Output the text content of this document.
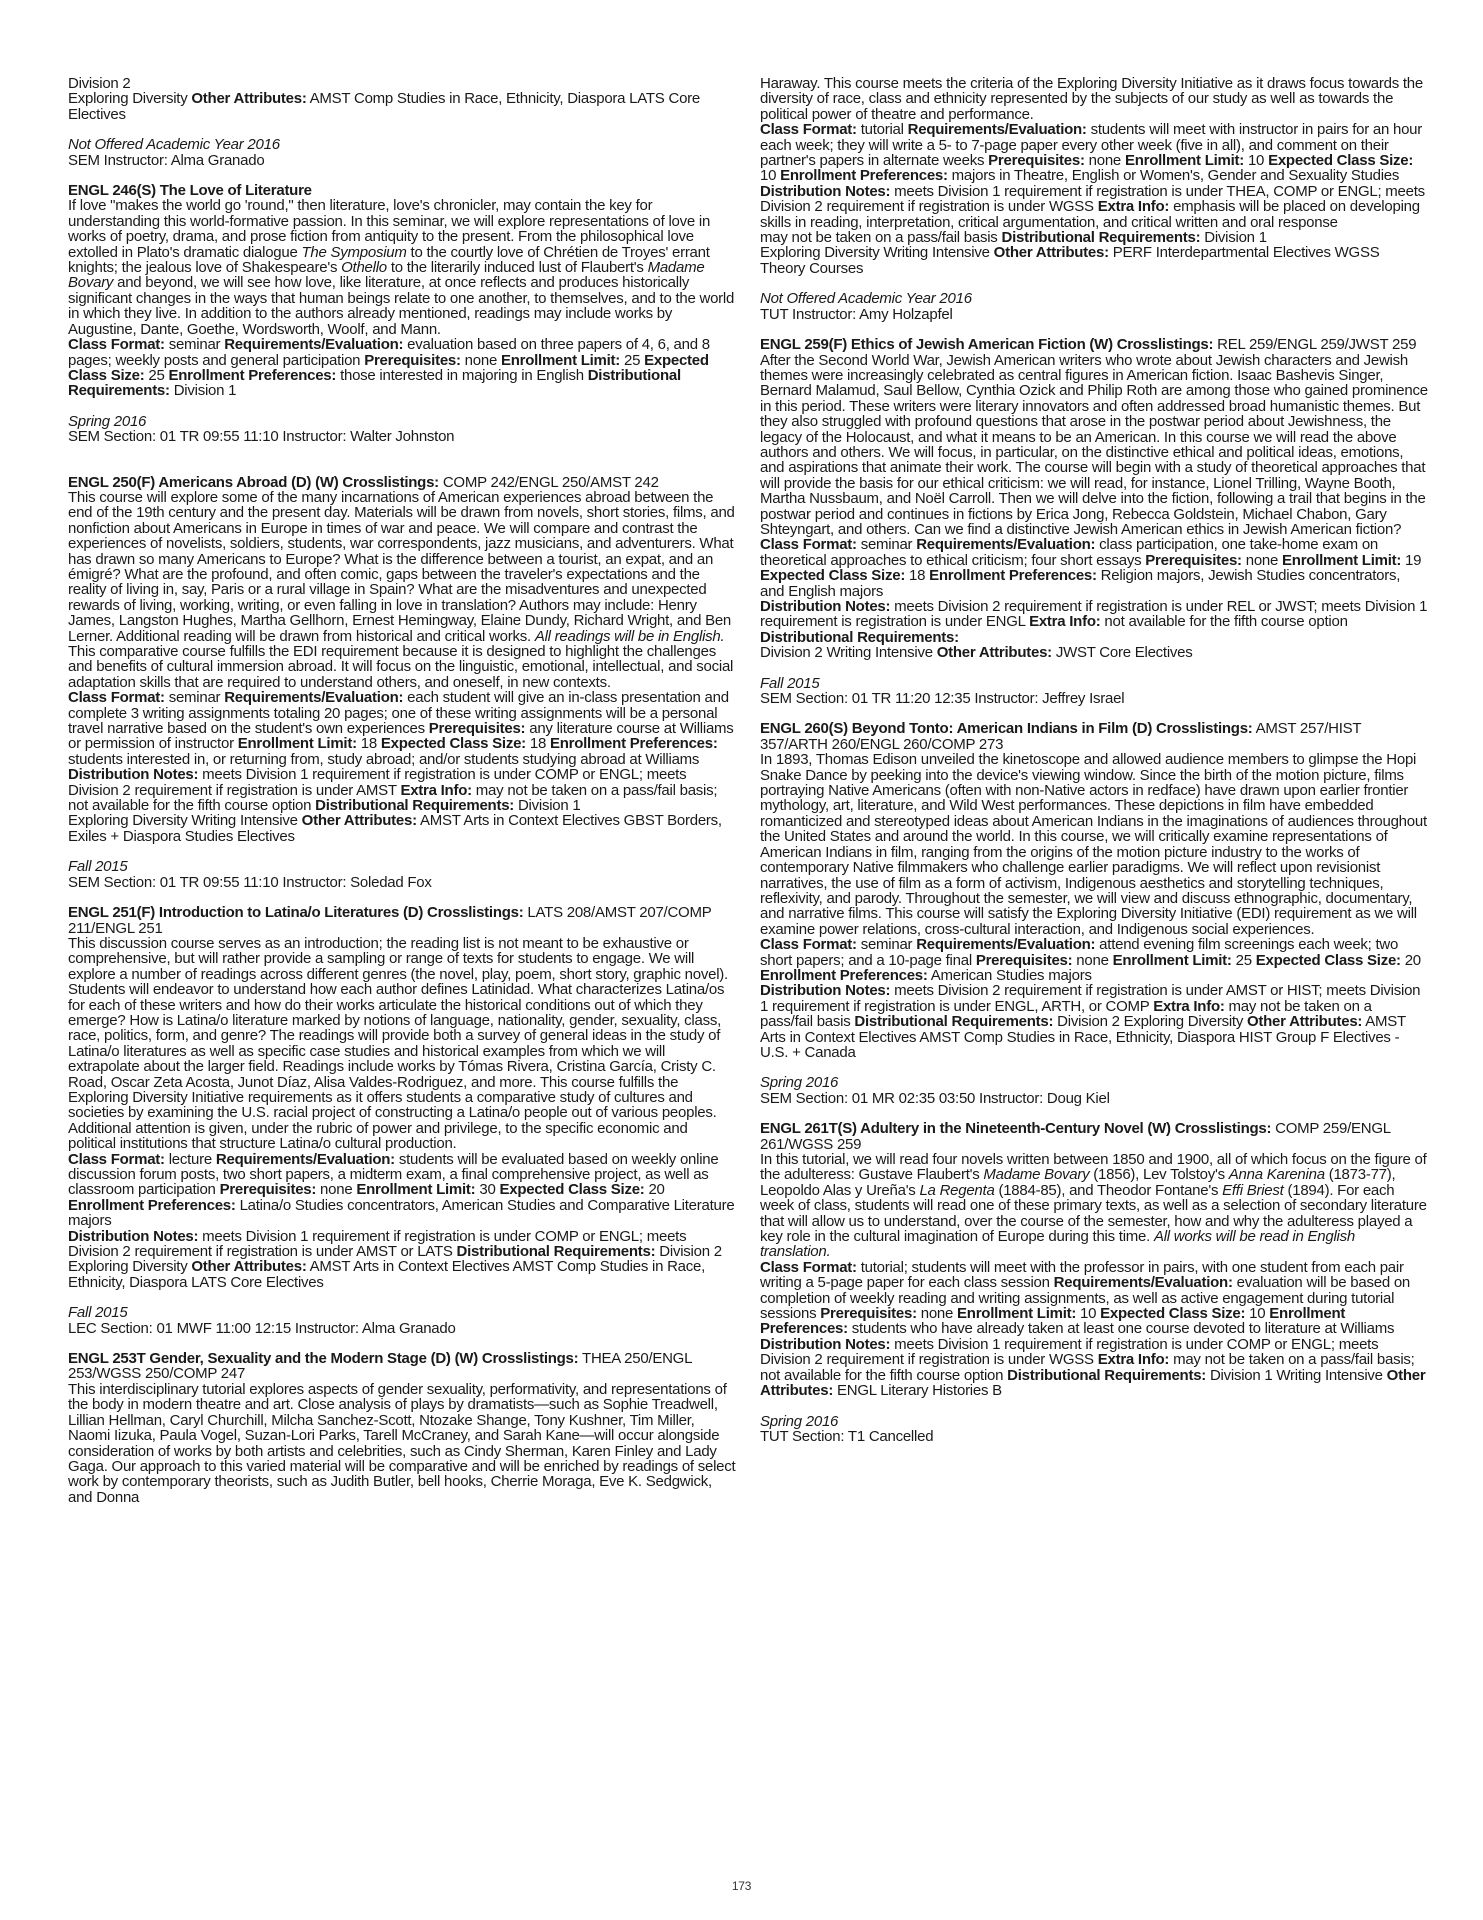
Division 2

Exploring Diversity Other Attributes: AMST Comp Studies in Race, Ethnicity, Diaspora LATS Core Electives

Not Offered Academic Year 2016

SEM Instructor: Alma Granado

ENGL 246(S) The Love of Literature

If love "makes the world go 'round," then literature, love's chronicler, may contain the key for understanding this world-formative passion. In this seminar, we will explore representations of love in works of poetry, drama, and prose fiction from antiquity to the present. From the philosophical love extolled in Plato's dramatic dialogue The Symposium to the courtly love of Chrétien de Troyes' errant knights; the jealous love of Shakespeare's Othello to the literarily induced lust of Flaubert's Madame Bovary and beyond, we will see how love, like literature, at once reflects and produces historically significant changes in the ways that human beings relate to one another, to themselves, and to the world in which they live. In addition to the authors already mentioned, readings may include works by Augustine, Dante, Goethe, Wordsworth, Woolf, and Mann.

Class Format: seminar Requirements/Evaluation: evaluation based on three papers of 4, 6, and 8 pages; weekly posts and general participation Prerequisites: none Enrollment Limit: 25 Expected Class Size: 25 Enrollment Preferences: those interested in majoring in English Distributional Requirements: Division 1

Spring 2016

SEM Section: 01 TR 09:55 11:10 Instructor: Walter Johnston

ENGL 250(F) Americans Abroad (D) (W) Crosslistings: COMP 242/ENGL 250/AMST 242

This course will explore some of the many incarnations of American experiences abroad between the end of the 19th century and the present day. Materials will be drawn from novels, short stories, films, and nonfiction about Americans in Europe in times of war and peace. We will compare and contrast the experiences of novelists, soldiers, students, war correspondents, jazz musicians, and adventurers. What has drawn so many Americans to Europe? What is the difference between a tourist, an expat, and an émigré? What are the profound, and often comic, gaps between the traveler's expectations and the reality of living in, say, Paris or a rural village in Spain? What are the misadventures and unexpected rewards of living, working, writing, or even falling in love in translation? Authors may include: Henry James, Langston Hughes, Martha Gellhorn, Ernest Hemingway, Elaine Dundy, Richard Wright, and Ben Lerner. Additional reading will be drawn from historical and critical works. All readings will be in English. This comparative course fulfills the EDI requirement because it is designed to highlight the challenges and benefits of cultural immersion abroad. It will focus on the linguistic, emotional, intellectual, and social adaptation skills that are required to understand others, and oneself, in new contexts.

Class Format: seminar Requirements/Evaluation: each student will give an in-class presentation and complete 3 writing assignments totaling 20 pages; one of these writing assignments will be a personal travel narrative based on the student's own experiences Prerequisites: any literature course at Williams or permission of instructor Enrollment Limit: 18 Expected Class Size: 18 Enrollment Preferences: students interested in, or returning from, study abroad; and/or students studying abroad at Williams

Distribution Notes: meets Division 1 requirement if registration is under COMP or ENGL; meets Division 2 requirement if registration is under AMST Extra Info: may not be taken on a pass/fail basis; not available for the fifth course option Distributional Requirements: Division 1

Exploring Diversity Writing Intensive Other Attributes: AMST Arts in Context Electives GBST Borders, Exiles + Diaspora Studies Electives

Fall 2015

SEM Section: 01 TR 09:55 11:10 Instructor: Soledad Fox

ENGL 251(F) Introduction to Latina/o Literatures (D) Crosslistings: LATS 208/AMST 207/COMP 211/ENGL 251

This discussion course serves as an introduction; the reading list is not meant to be exhaustive or comprehensive, but will rather provide a sampling or range of texts for students to engage. We will explore a number of readings across different genres (the novel, play, poem, short story, graphic novel). Students will endeavor to understand how each author defines Latinidad. What characterizes Latina/os for each of these writers and how do their works articulate the historical conditions out of which they emerge? How is Latina/o literature marked by notions of language, nationality, gender, sexuality, class, race, politics, form, and genre? The readings will provide both a survey of general ideas in the study of Latina/o literatures as well as specific case studies and historical examples from which we will extrapolate about the larger field. Readings include works by Tómas Rivera, Cristina García, Cristy C. Road, Oscar Zeta Acosta, Junot Díaz, Alisa Valdes-Rodriguez, and more. This course fulfills the Exploring Diversity Initiative requirements as it offers students a comparative study of cultures and societies by examining the U.S. racial project of constructing a Latina/o people out of various peoples. Additional attention is given, under the rubric of power and privilege, to the specific economic and political institutions that structure Latina/o cultural production.

Class Format: lecture Requirements/Evaluation: students will be evaluated based on weekly online discussion forum posts, two short papers, a midterm exam, a final comprehensive project, as well as classroom participation Prerequisites: none Enrollment Limit: 30 Expected Class Size: 20 Enrollment Preferences: Latina/o Studies concentrators, American Studies and Comparative Literature majors

Distribution Notes: meets Division 1 requirement if registration is under COMP or ENGL; meets Division 2 requirement if registration is under AMST or LATS Distributional Requirements: Division 2 Exploring Diversity Other Attributes: AMST Arts in Context Electives AMST Comp Studies in Race, Ethnicity, Diaspora LATS Core Electives

Fall 2015

LEC Section: 01 MWF 11:00 12:15 Instructor: Alma Granado

ENGL 253T Gender, Sexuality and the Modern Stage (D) (W) Crosslistings: THEA 250/ENGL 253/WGSS 250/COMP 247

This interdisciplinary tutorial explores aspects of gender sexuality, performativity, and representations of the body in modern theatre and art. Close analysis of plays by dramatists—such as Sophie Treadwell, Lillian Hellman, Caryl Churchill, Milcha Sanchez-Scott, Ntozake Shange, Tony Kushner, Tim Miller, Naomi Iizuka, Paula Vogel, Suzan-Lori Parks, Tarell McCraney, and Sarah Kane—will occur alongside consideration of works by both artists and celebrities, such as Cindy Sherman, Karen Finley and Lady Gaga. Our approach to this varied material will be comparative and will be enriched by readings of select work by contemporary theorists, such as Judith Butler, bell hooks, Cherrie Moraga, Eve K. Sedgwick, and Donna

Haraway. This course meets the criteria of the Exploring Diversity Initiative as it draws focus towards the diversity of race, class and ethnicity represented by the subjects of our study as well as towards the political power of theatre and performance.

Class Format: tutorial Requirements/Evaluation: students will meet with instructor in pairs for an hour each week; they will write a 5- to 7-page paper every other week (five in all), and comment on their partner's papers in alternate weeks Prerequisites: none Enrollment Limit: 10 Expected Class Size: 10 Enrollment Preferences: majors in Theatre, English or Women's, Gender and Sexuality Studies

Distribution Notes: meets Division 1 requirement if registration is under THEA, COMP or ENGL; meets Division 2 requirement if registration is under WGSS Extra Info: emphasis will be placed on developing skills in reading, interpretation, critical argumentation, and critical written and oral response

may not be taken on a pass/fail basis Distributional Requirements: Division 1

Exploring Diversity Writing Intensive Other Attributes: PERF Interdepartmental Electives WGSS Theory Courses

Not Offered Academic Year 2016

TUT Instructor: Amy Holzapfel

ENGL 259(F) Ethics of Jewish American Fiction (W) Crosslistings: REL 259/ENGL 259/JWST 259

After the Second World War, Jewish American writers who wrote about Jewish characters and Jewish themes were increasingly celebrated as central figures in American fiction. Isaac Bashevis Singer, Bernard Malamud, Saul Bellow, Cynthia Ozick and Philip Roth are among those who gained prominence in this period. These writers were literary innovators and often addressed broad humanistic themes. But they also struggled with profound questions that arose in the postwar period about Jewishness, the legacy of the Holocaust, and what it means to be an American. In this course we will read the above authors and others. We will focus, in particular, on the distinctive ethical and political ideas, emotions, and aspirations that animate their work. The course will begin with a study of theoretical approaches that will provide the basis for our ethical criticism: we will read, for instance, Lionel Trilling, Wayne Booth, Martha Nussbaum, and Noël Carroll. Then we will delve into the fiction, following a trail that begins in the postwar period and continues in fictions by Erica Jong, Rebecca Goldstein, Michael Chabon, Gary Shteyngart, and others. Can we find a distinctive Jewish American ethics in Jewish American fiction?

Class Format: seminar Requirements/Evaluation: class participation, one take-home exam on theoretical approaches to ethical criticism; four short essays Prerequisites: none Enrollment Limit: 19 Expected Class Size: 18 Enrollment Preferences: Religion majors, Jewish Studies concentrators, and English majors

Distribution Notes: meets Division 2 requirement if registration is under REL or JWST; meets Division 1 requirement is registration is under ENGL Extra Info: not available for the fifth course option Distributional Requirements:

Division 2 Writing Intensive Other Attributes: JWST Core Electives

Fall 2015

SEM Section: 01 TR 11:20 12:35 Instructor: Jeffrey Israel

ENGL 260(S) Beyond Tonto: American Indians in Film (D) Crosslistings: AMST 257/HIST 357/ARTH 260/ENGL 260/COMP 273

In 1893, Thomas Edison unveiled the kinetoscope and allowed audience members to glimpse the Hopi Snake Dance by peeking into the device's viewing window. Since the birth of the motion picture, films portraying Native Americans (often with non-Native actors in redface) have drawn upon earlier frontier mythology, art, literature, and Wild West performances. These depictions in film have embedded romanticized and stereotyped ideas about American Indians in the imaginations of audiences throughout the United States and around the world. In this course, we will critically examine representations of American Indians in film, ranging from the origins of the motion picture industry to the works of contemporary Native filmmakers who challenge earlier paradigms. We will reflect upon revisionist narratives, the use of film as a form of activism, Indigenous aesthetics and storytelling techniques, reflexivity, and parody. Throughout the semester, we will view and discuss ethnographic, documentary, and narrative films. This course will satisfy the Exploring Diversity Initiative (EDI) requirement as we will examine power relations, cross-cultural interaction, and Indigenous social experiences.

Class Format: seminar Requirements/Evaluation: attend evening film screenings each week; two short papers; and a 10-page final Prerequisites: none Enrollment Limit: 25 Expected Class Size: 20 Enrollment Preferences: American Studies majors

Distribution Notes: meets Division 2 requirement if registration is under AMST or HIST; meets Division 1 requirement if registration is under ENGL, ARTH, or COMP Extra Info: may not be taken on a pass/fail basis Distributional Requirements: Division 2 Exploring Diversity Other Attributes: AMST Arts in Context Electives AMST Comp Studies in Race, Ethnicity, Diaspora HIST Group F Electives - U.S. + Canada

Spring 2016

SEM Section: 01 MR 02:35 03:50 Instructor: Doug Kiel

ENGL 261T(S) Adultery in the Nineteenth-Century Novel (W) Crosslistings: COMP 259/ENGL 261/WGSS 259

In this tutorial, we will read four novels written between 1850 and 1900, all of which focus on the figure of the adulteress: Gustave Flaubert's Madame Bovary (1856), Lev Tolstoy's Anna Karenina (1873-77), Leopoldo Alas y Ureña's La Regenta (1884-85), and Theodor Fontane's Effi Briest (1894). For each week of class, students will read one of these primary texts, as well as a selection of secondary literature that will allow us to understand, over the course of the semester, how and why the adulteress played a key role in the cultural imagination of Europe during this time. All works will be read in English translation.

Class Format: tutorial; students will meet with the professor in pairs, with one student from each pair writing a 5-page paper for each class session Requirements/Evaluation: evaluation will be based on completion of weekly reading and writing assignments, as well as active engagement during tutorial sessions Prerequisites: none Enrollment Limit: 10 Expected Class Size: 10 Enrollment Preferences: students who have already taken at least one course devoted to literature at Williams

Distribution Notes: meets Division 1 requirement if registration is under COMP or ENGL; meets Division 2 requirement if registration is under WGSS Extra Info: may not be taken on a pass/fail basis; not available for the fifth course option Distributional Requirements: Division 1 Writing Intensive Other Attributes: ENGL Literary Histories B

Spring 2016

TUT Section: T1 Cancelled

173
